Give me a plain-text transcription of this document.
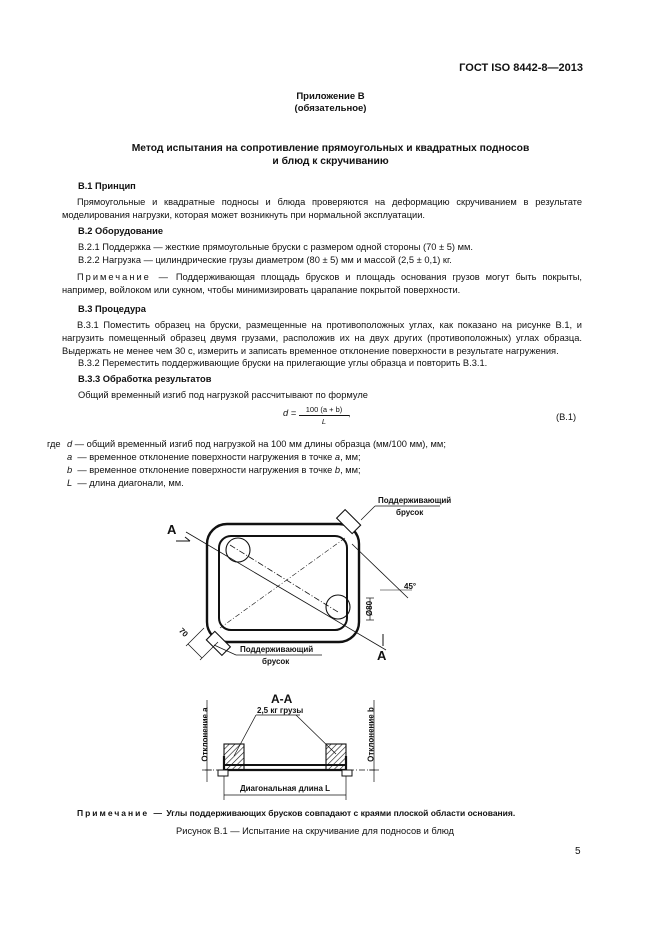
ГОСТ ISO 8442-8—2013
Приложение В
(обязательное)
Метод испытания на сопротивление прямоугольных и квадратных подносов
и блюд к скручиванию
В.1 Принцип
Прямоугольные и квадратные подносы и блюда проверяются на деформацию скручиванием в результате моделирования нагрузки, которая может возникнуть при нормальной эксплуатации.
В.2 Оборудование
В.2.1 Поддержка — жесткие прямоугольные бруски с размером одной стороны (70 ± 5) мм.
В.2.2 Нагрузка — цилиндрические грузы диаметром (80 ± 5) мм и массой (2,5 ± 0,1) кг.
Примечание — Поддерживающая площадь брусков и площадь основания грузов могут быть покрыты, например, войлоком или сукном, чтобы минимизировать царапание покрытой поверхности.
В.3 Процедура
В.3.1 Поместить образец на бруски, размещенные на противоположных углах, как показано на рисунке В.1, и нагрузить помещенный образец двумя грузами, расположив их на двух других (противоположных) углах образца. Выдержать не менее чем 30 с, измерить и записать временное отклонение поверхности в результате нагружения.
В.3.2 Переместить поддерживающие бруски на прилегающие углы образца и повторить В.3.1.
В.3.3 Обработка результатов
Общий временный изгиб под нагрузкой рассчитывают по формуле
$d = \frac{100 (a + b)}{L}$ ,	(В.1)
где d — общий временный изгиб под нагрузкой на 100 мм длины образца (мм/100 мм), мм;
a — временное отклонение поверхности нагружения в точке a, мм;
b — временное отклонение поверхности нагружения в точке b, мм;
L — длина диагонали, мм.
Поддерживающий
брусок
Поддерживающий
брусок
A
A
45°
70
Ø80
А-А
2,5 кг грузы
Отклонение а	Отклонение b
Диагональная длина L
Примечание — Углы поддерживающих брусков совпадают с краями плоской области основания.
Рисунок В.1 — Испытание на скручивание для подносов и блюд
5
